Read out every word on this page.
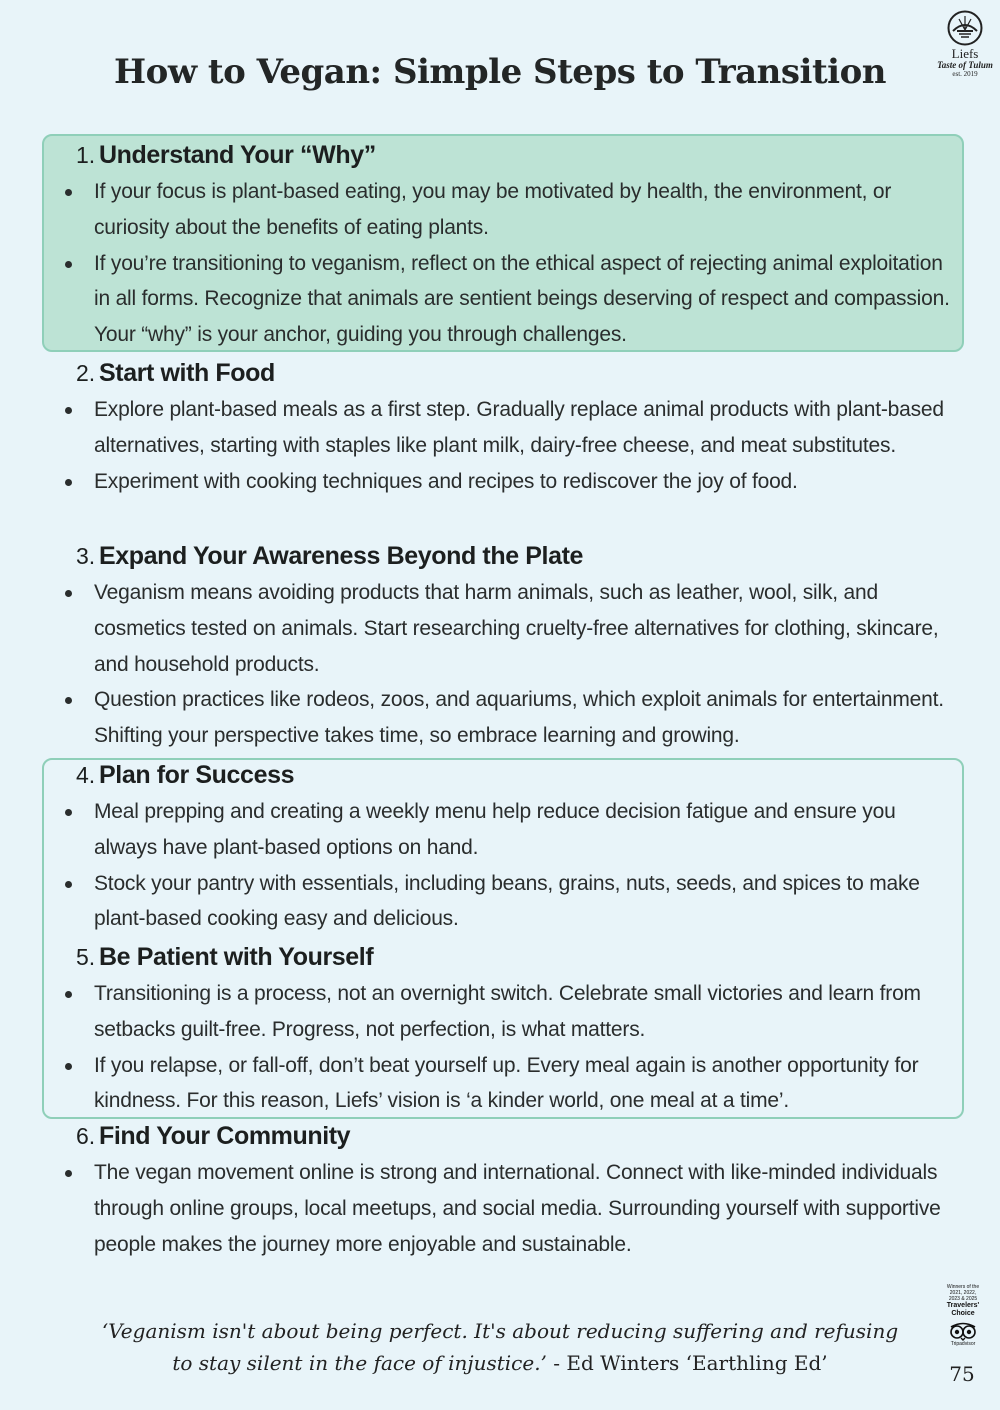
How to Vegan: Simple Steps to Transition	Liefs
Taste of Tulum
est. 2019
1. Understand Your “Why”
If your focus is plant-based eating, you may be motivated by health, the environment, or curiosity about the benefits of eating plants.
If you’re transitioning to veganism, reflect on the ethical aspect of rejecting animal exploitation in all forms. Recognize that animals are sentient beings deserving of respect and compassion. Your “why” is your anchor, guiding you through challenges.
2. Start with Food
Explore plant-based meals as a first step. Gradually replace animal products with plant-based alternatives, starting with staples like plant milk, dairy-free cheese, and meat substitutes.
Experiment with cooking techniques and recipes to rediscover the joy of food.
3. Expand Your Awareness Beyond the Plate
Veganism means avoiding products that harm animals, such as leather, wool, silk, and cosmetics tested on animals. Start researching cruelty-free alternatives for clothing, skincare, and household products.
Question practices like rodeos, zoos, and aquariums, which exploit animals for entertainment. Shifting your perspective takes time, so embrace learning and growing.
4. Plan for Success
Meal prepping and creating a weekly menu help reduce decision fatigue and ensure you always have plant-based options on hand.
Stock your pantry with essentials, including beans, grains, nuts, seeds, and spices to make plant-based cooking easy and delicious.
5. Be Patient with Yourself
Transitioning is a process, not an overnight switch. Celebrate small victories and learn from setbacks guilt-free. Progress, not perfection, is what matters.
If you relapse, or fall-off, don’t beat yourself up. Every meal again is another opportunity for kindness. For this reason, Liefs’ vision is ‘a kinder world, one meal at a time’.
6. Find Your Community
The vegan movement online is strong and international. Connect with like-minded individuals through online groups, local meetups, and social media. Surrounding yourself with supportive people makes the journey more enjoyable and sustainable.
‘Veganism isn't about being perfect. It's about reducing suffering and refusing to stay silent in the face of injustice.’ - Ed Winters ‘Earthling Ed’
Winners of the
2021, 2022,
2023 & 2025
Travelers' Choice
Tripadvisor
75
